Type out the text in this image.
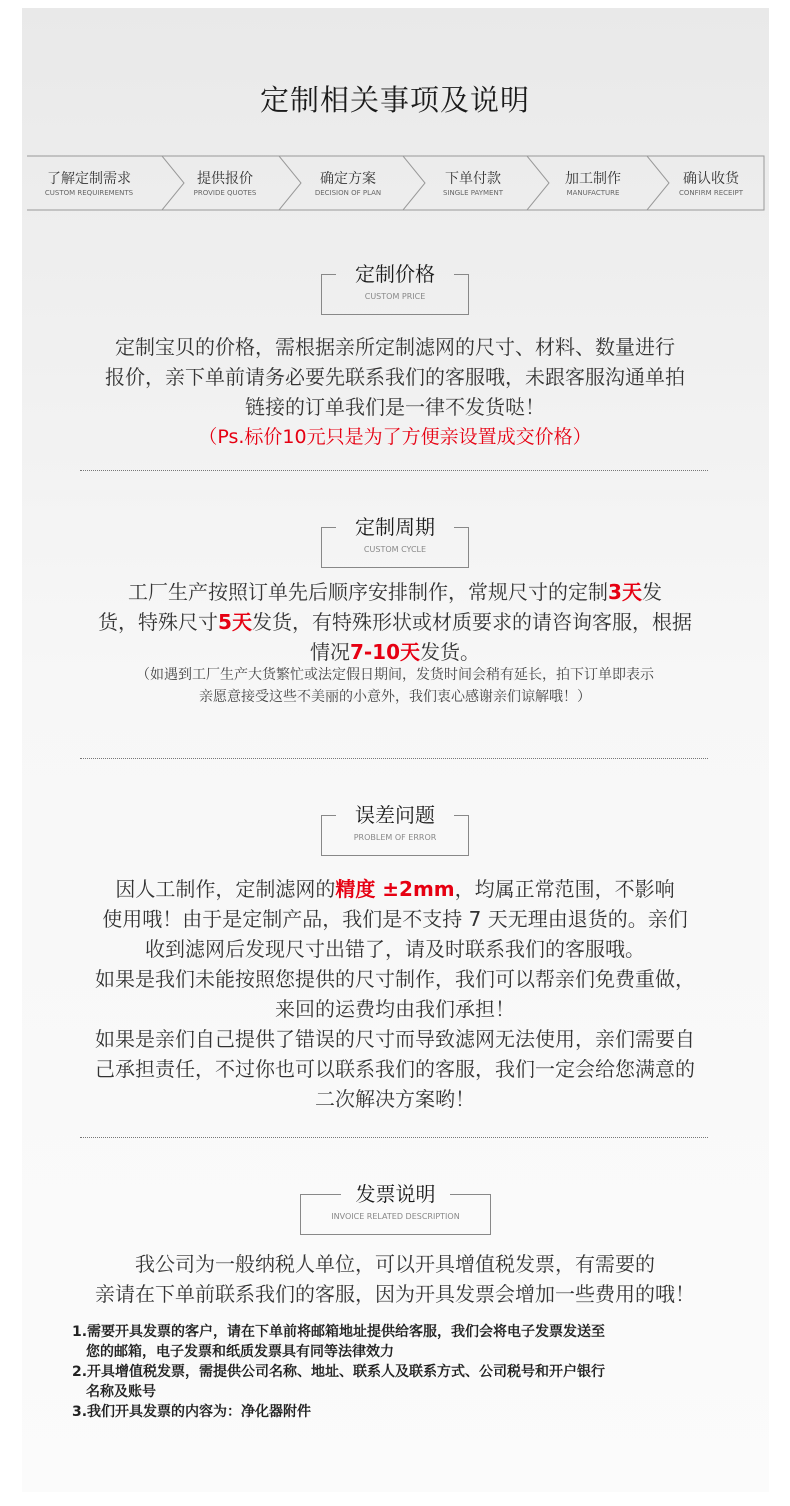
定制相关事项及说明
了解定制需求
CUSTOM REQUIREMENTS
提供报价
PROVIDE QUOTES
确定方案
DECISION OF PLAN
下单付款
SINGLE PAYMENT
加工制作
MANUFACTURE
确认收货
CONFIRM RECEIPT
定制价格
CUSTOM PRICE
定制宝贝的价格，需根据亲所定制滤网的尺寸、材料、数量进行
报价，亲下单前请务必要先联系我们的客服哦，未跟客服沟通单拍
链接的订单我们是一律不发货哒！
（Ps.标价10元只是为了方便亲设置成交价格）
定制周期
CUSTOM CYCLE
工厂生产按照订单先后顺序安排制作，常规尺寸的定制3天发
货，特殊尺寸5天发货，有特殊形状或材质要求的请咨询客服，根据
情况7-10天发货。
（如遇到工厂生产大货繁忙或法定假日期间，发货时间会稍有延长，拍下订单即表示
亲愿意接受这些不美丽的小意外，我们衷心感谢亲们谅解哦！）
误差问题
PROBLEM OF ERROR
因人工制作，定制滤网的精度 ±2mm，均属正常范围，不影响
使用哦！由于是定制产品，我们是不支持 7 天无理由退货的。亲们
收到滤网后发现尺寸出错了，请及时联系我们的客服哦。
如果是我们未能按照您提供的尺寸制作，我们可以帮亲们免费重做，
来回的运费均由我们承担！
如果是亲们自己提供了错误的尺寸而导致滤网无法使用，亲们需要自
己承担责任，不过你也可以联系我们的客服，我们一定会给您满意的
二次解决方案哟！
发票说明
INVOICE RELATED DESCRIPTION
我公司为一般纳税人单位，可以开具增值税发票，有需要的
亲请在下单前联系我们的客服，因为开具发票会增加一些费用的哦！
1.需要开具发票的客户，请在下单前将邮箱地址提供给客服，我们会将电子发票发送至
您的邮箱，电子发票和纸质发票具有同等法律效力
2.开具增值税发票，需提供公司名称、地址、联系人及联系方式、公司税号和开户银行
名称及账号
3.我们开具发票的内容为：净化器附件
